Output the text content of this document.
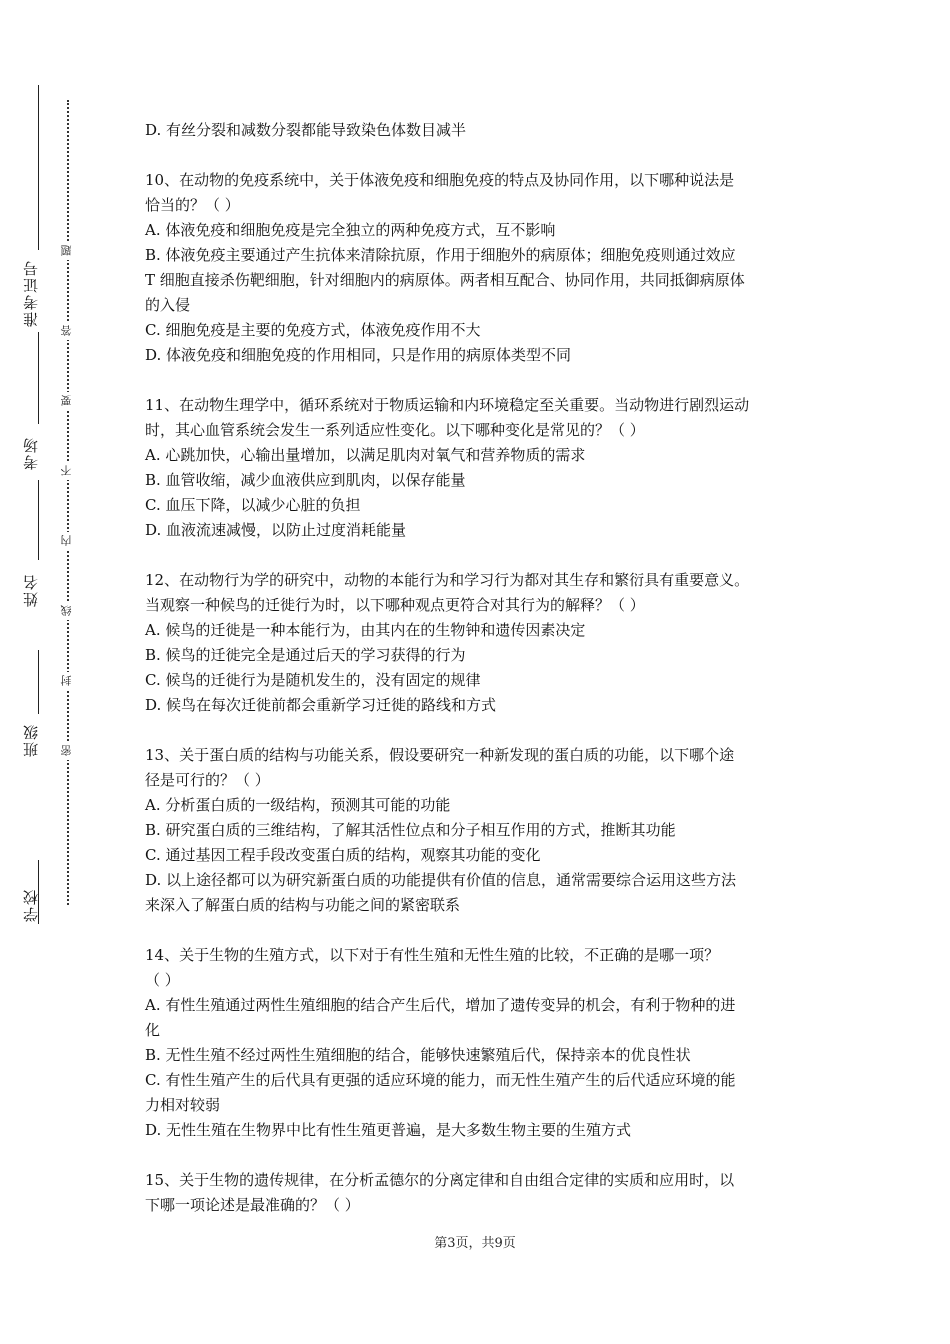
学校
班级
姓名
考场
准考证号
密
封
线
内
不
要
答
题
D. 有丝分裂和减数分裂都能导致染色体数目减半
10、在动物的免疫系统中，关于体液免疫和细胞免疫的特点及协同作用，以下哪种说法是
恰当的？（ ）
A. 体液免疫和细胞免疫是完全独立的两种免疫方式，互不影响
B. 体液免疫主要通过产生抗体来清除抗原，作用于细胞外的病原体；细胞免疫则通过效应
T 细胞直接杀伤靶细胞，针对细胞内的病原体。两者相互配合、协同作用，共同抵御病原体
的入侵
C. 细胞免疫是主要的免疫方式，体液免疫作用不大
D. 体液免疫和细胞免疫的作用相同，只是作用的病原体类型不同
11、在动物生理学中，循环系统对于物质运输和内环境稳定至关重要。当动物进行剧烈运动
时，其心血管系统会发生一系列适应性变化。以下哪种变化是常见的？（ ）
A. 心跳加快，心输出量增加，以满足肌肉对氧气和营养物质的需求
B. 血管收缩，减少血液供应到肌肉，以保存能量
C. 血压下降，以减少心脏的负担
D. 血液流速减慢，以防止过度消耗能量
12、在动物行为学的研究中，动物的本能行为和学习行为都对其生存和繁衍具有重要意义。
当观察一种候鸟的迁徙行为时，以下哪种观点更符合对其行为的解释？（ ）
A. 候鸟的迁徙是一种本能行为，由其内在的生物钟和遗传因素决定
B. 候鸟的迁徙完全是通过后天的学习获得的行为
C. 候鸟的迁徙行为是随机发生的，没有固定的规律
D. 候鸟在每次迁徙前都会重新学习迁徙的路线和方式
13、关于蛋白质的结构与功能关系，假设要研究一种新发现的蛋白质的功能，以下哪个途
径是可行的？（ ）
A. 分析蛋白质的一级结构，预测其可能的功能
B. 研究蛋白质的三维结构，了解其活性位点和分子相互作用的方式，推断其功能
C. 通过基因工程手段改变蛋白质的结构，观察其功能的变化
D. 以上途径都可以为研究新蛋白质的功能提供有价值的信息，通常需要综合运用这些方法
来深入了解蛋白质的结构与功能之间的紧密联系
14、关于生物的生殖方式，以下对于有性生殖和无性生殖的比较，不正确的是哪一项？
（ ）
A. 有性生殖通过两性生殖细胞的结合产生后代，增加了遗传变异的机会，有利于物种的进
化
B. 无性生殖不经过两性生殖细胞的结合，能够快速繁殖后代，保持亲本的优良性状
C. 有性生殖产生的后代具有更强的适应环境的能力，而无性生殖产生的后代适应环境的能
力相对较弱
D. 无性生殖在生物界中比有性生殖更普遍，是大多数生物主要的生殖方式
15、关于生物的遗传规律，在分析孟德尔的分离定律和自由组合定律的实质和应用时，以
下哪一项论述是最准确的？（ ）
第3页，共9页
